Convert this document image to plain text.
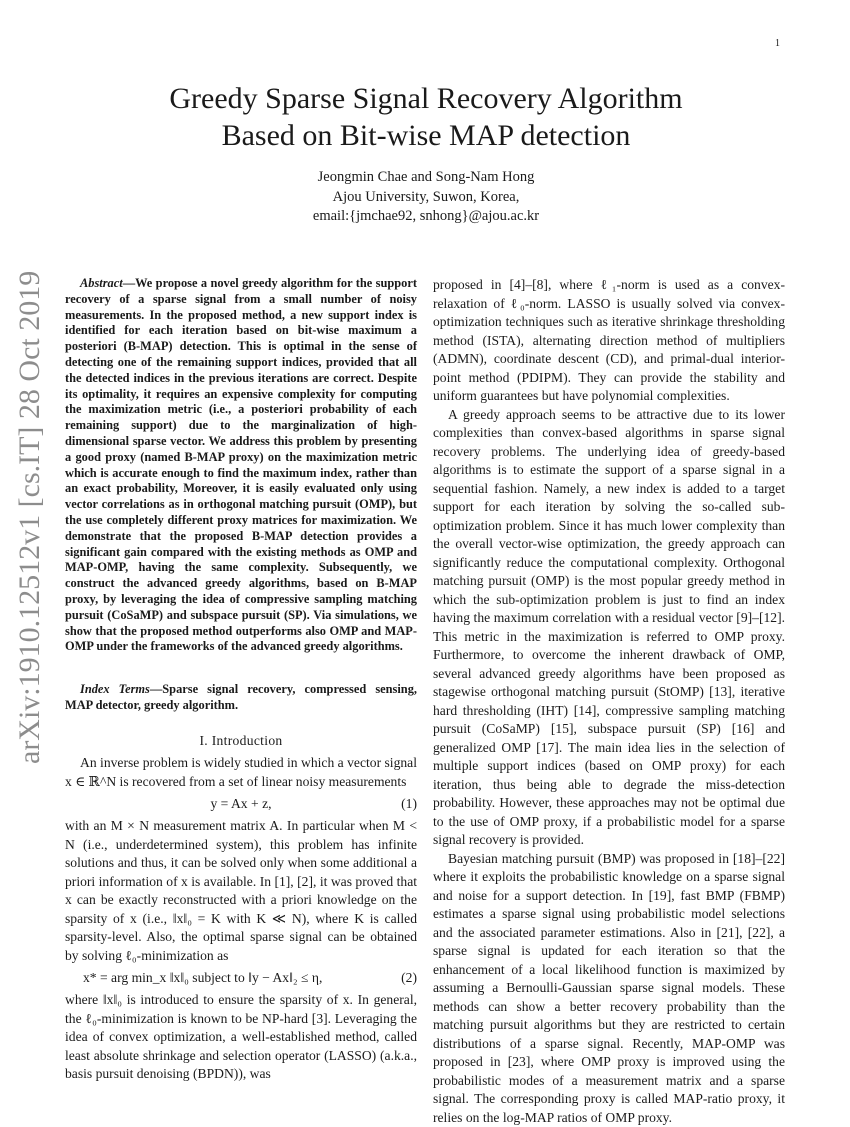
1
arXiv:1910.12512v1 [cs.IT] 28 Oct 2019
Greedy Sparse Signal Recovery Algorithm
Based on Bit-wise MAP detection
Jeongmin Chae and Song-Nam Hong
Ajou University, Suwon, Korea,
email:{jmchae92, snhong}@ajou.ac.kr

Abstract—We propose a novel greedy algorithm for the support recovery of a sparse signal from a small number of noisy measurements. In the proposed method, a new support index is identified for each iteration based on bit-wise maximum a posteriori (B-MAP) detection. This is optimal in the sense of detecting one of the remaining support indices, provided that all the detected indices in the previous iterations are correct. Despite its optimality, it requires an expensive complexity for computing the maximization metric (i.e., a posteriori probability of each remaining support) due to the marginalization of high-dimensional sparse vector. We address this problem by presenting a good proxy (named B-MAP proxy) on the maximization metric which is accurate enough to find the maximum index, rather than an exact probability, Moreover, it is easily evaluated only using vector correlations as in orthogonal matching pursuit (OMP), but the use completely different proxy matrices for maximization. We demonstrate that the proposed B-MAP detection provides a significant gain compared with the existing methods as OMP and MAP-OMP, having the same complexity. Subsequently, we construct the advanced greedy algorithms, based on B-MAP proxy, by leveraging the idea of compressive sampling matching pursuit (CoSaMP) and subspace pursuit (SP). Via simulations, we show that the proposed method outperforms also OMP and MAP-OMP under the frameworks of the advanced greedy algorithms.

Index Terms—Sparse signal recovery, compressed sensing, MAP detector, greedy algorithm.

I. Introduction

An inverse problem is widely studied in which a vector signal x ∈ ℝ^N is recovered from a set of linear noisy measurements

y = Ax + z,	(1)

with an M × N measurement matrix A. In particular when M < N (i.e., underdetermined system), this problem has infinite solutions and thus, it can be solved only when some additional a priori information of x is available. In [1], [2], it was proved that x can be exactly reconstructed with a priori knowledge on the sparsity of x (i.e., ‖x‖₀ = K with K ≪ N), where K is called sparsity-level. Also, the optimal sparse signal can be obtained by solving ℓ₀-minimization as

x* = arg min_x ‖x‖₀ subject to ‖y − Ax‖₂ ≤ η,	(2)

where ‖x‖₀ is introduced to ensure the sparsity of x. In general, the ℓ₀-minimization is known to be NP-hard [3]. Leveraging the idea of convex optimization, a well-established method, called least absolute shrinkage and selection operator (LASSO) (a.k.a., basis pursuit denoising (BPDN)), was

proposed in [4]–[8], where ℓ₁-norm is used as a convex-relaxation of ℓ₀-norm. LASSO is usually solved via convex-optimization techniques such as iterative shrinkage thresholding method (ISTA), alternating direction method of multipliers (ADMN), coordinate descent (CD), and primal-dual interior-point method (PDIPM). They can provide the stability and uniform guarantees but have polynomial complexities.

A greedy approach seems to be attractive due to its lower complexities than convex-based algorithms in sparse signal recovery problems. The underlying idea of greedy-based algorithms is to estimate the support of a sparse signal in a sequential fashion. Namely, a new index is added to a target support for each iteration by solving the so-called sub-optimization problem. Since it has much lower complexity than the overall vector-wise optimization, the greedy approach can significantly reduce the computational complexity. Orthogonal matching pursuit (OMP) is the most popular greedy method in which the sub-optimization problem is just to find an index having the maximum correlation with a residual vector [9]–[12]. This metric in the maximization is referred to OMP proxy. Furthermore, to overcome the inherent drawback of OMP, several advanced greedy algorithms have been proposed as stagewise orthogonal matching pursuit (StOMP) [13], iterative hard thresholding (IHT) [14], compressive sampling matching pursuit (CoSaMP) [15], subspace pursuit (SP) [16] and generalized OMP [17]. The main idea lies in the selection of multiple support indices (based on OMP proxy) for each iteration, thus being able to degrade the miss-detection probability. However, these approaches may not be optimal due to the use of OMP proxy, if a probabilistic model for a sparse signal recovery is provided.

Bayesian matching pursuit (BMP) was proposed in [18]–[22] where it exploits the probabilistic knowledge on a sparse signal and noise for a support detection. In [19], fast BMP (FBMP) estimates a sparse signal using probabilistic model selections and the associated parameter estimations. Also in [21], [22], a sparse signal is updated for each iteration so that the enhancement of a local likelihood function is maximized by assuming a Bernoulli-Gaussian sparse signal models. These methods can show a better recovery probability than the matching pursuit algorithms but they are restricted to certain distributions of a sparse signal. Recently, MAP-OMP was proposed in [23], where OMP proxy is improved using the probabilistic modes of a measurement matrix and a sparse signal. The corresponding proxy is called MAP-ratio proxy, it relies on the log-MAP ratios of OMP proxy.
